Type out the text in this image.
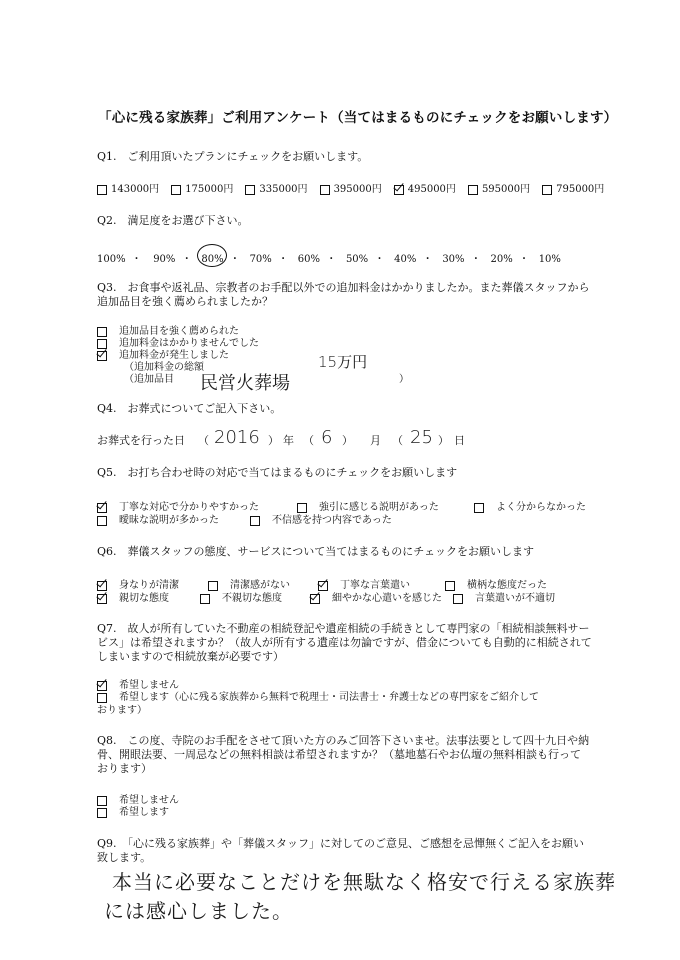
「心に残る家族葬」ご利用アンケート（当てはまるものにチェックをお願いします）
Q1.　ご利用頂いたプランにチェックをお願いします。
143000円	175000円	335000円	395000円	495000円	595000円	795000円
Q2.　満足度をお選び下さい。
100% ・ 90% ・ 80% ・ 70% ・ 60% ・ 50% ・ 40% ・ 30% ・ 20% ・ 10%
Q3.　お食事や返礼品、宗教者のお手配以外での追加料金はかかりましたか。また葬儀スタッフから
追加品目を強く薦められましたか？
追加品目を強く薦められた
追加料金はかかりませんでした
追加料金が発生しました
（追加料金の総額
（追加品目	）
15万円
民営火葬場
Q4.　お葬式についてご記入下さい。
お葬式を行った日 （ 2016 ） 年 （ 6 ） 月 （ 25 ） 日
Q5.　お打ち合わせ時の対応で当てはまるものにチェックをお願いします
丁寧な対応で分かりやすかった	強引に感じる説明があった	よく分からなかった
曖昧な説明が多かった	不信感を持つ内容であった
Q6.　葬儀スタッフの態度、サービスについて当てはまるものにチェックをお願いします
身なりが清潔	清潔感がない	丁寧な言葉遣い	横柄な態度だった
親切な態度	不親切な態度	細やかな心遣いを感じた	言葉遣いが不適切
Q7.　故人が所有していた不動産の相続登記や遺産相続の手続きとして専門家の「相続相談無料サー
ビス」は希望されますか？（故人が所有する遺産は勿論ですが、借金についても自動的に相続されて
しまいますので相続放棄が必要です）
希望しません
希望します（心に残る家族葬から無料で税理士・司法書士・弁護士などの専門家をご紹介して
おります）
Q8.　この度、寺院のお手配をさせて頂いた方のみご回答下さいませ。法事法要として四十九日や納
骨、開眼法要、一周忌などの無料相談は希望されますか？（墓地墓石やお仏壇の無料相談も行って
おります）
希望しません
希望します
Q9.　「心に残る家族葬」や「葬儀スタッフ」に対してのご意見、ご感想を忌憚無くご記入をお願い
致します。
本当に必要なことだけを無駄なく格安で行える家族葬
には感心しました。
